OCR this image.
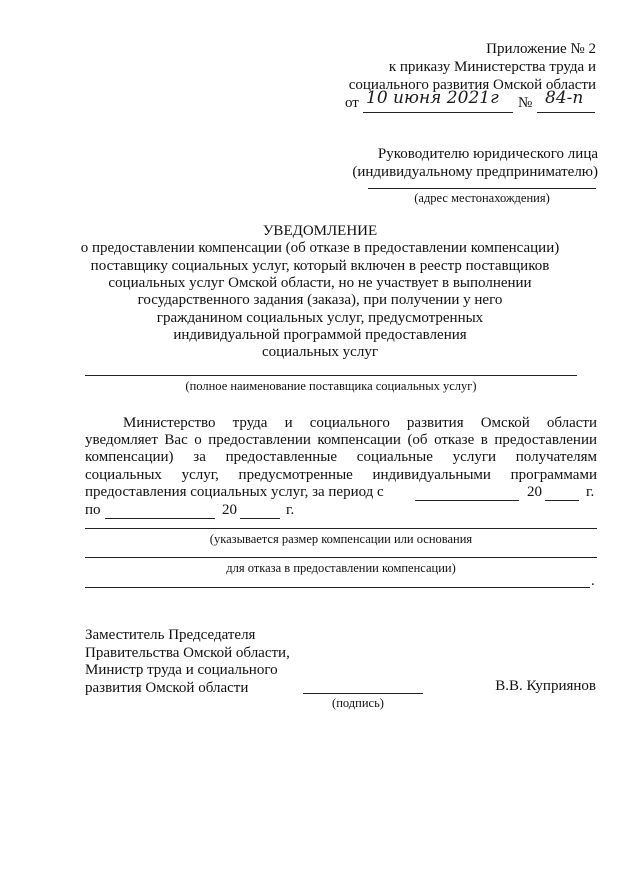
Приложение № 2
к приказу Министерства труда и
социального развития Омской области
от 10 июня 2021г № 84-п
Руководителю юридического лица
(индивидуальному предпринимателю)
(адрес местонахождения)
УВЕДОМЛЕНИЕ
о предоставлении компенсации (об отказе в предоставлении компенсации)
поставщику социальных услуг, который включен в реестр поставщиков
социальных услуг Омской области, но не участвует в выполнении
государственного задания (заказа), при получении у него
гражданином социальных услуг, предусмотренных
индивидуальной программой предоставления
социальных услуг
(полное наименование поставщика социальных услуг)
Министерство труда и социального развития Омской области
уведомляет Вас о предоставлении компенсации (об отказе в предоставлении
компенсации) за предоставленные социальные услуги получателям
социальных услуг, предусмотренные индивидуальными программами
предоставления социальных услуг, за период с	20	г.
по	20	г.
(указывается размер компенсации или основания
для отказа в предоставлении компенсации)
.
Заместитель Председателя
Правительства Омской области,
Министр труда и социального
развития Омской области
(подпись)
В.В. Куприянов
